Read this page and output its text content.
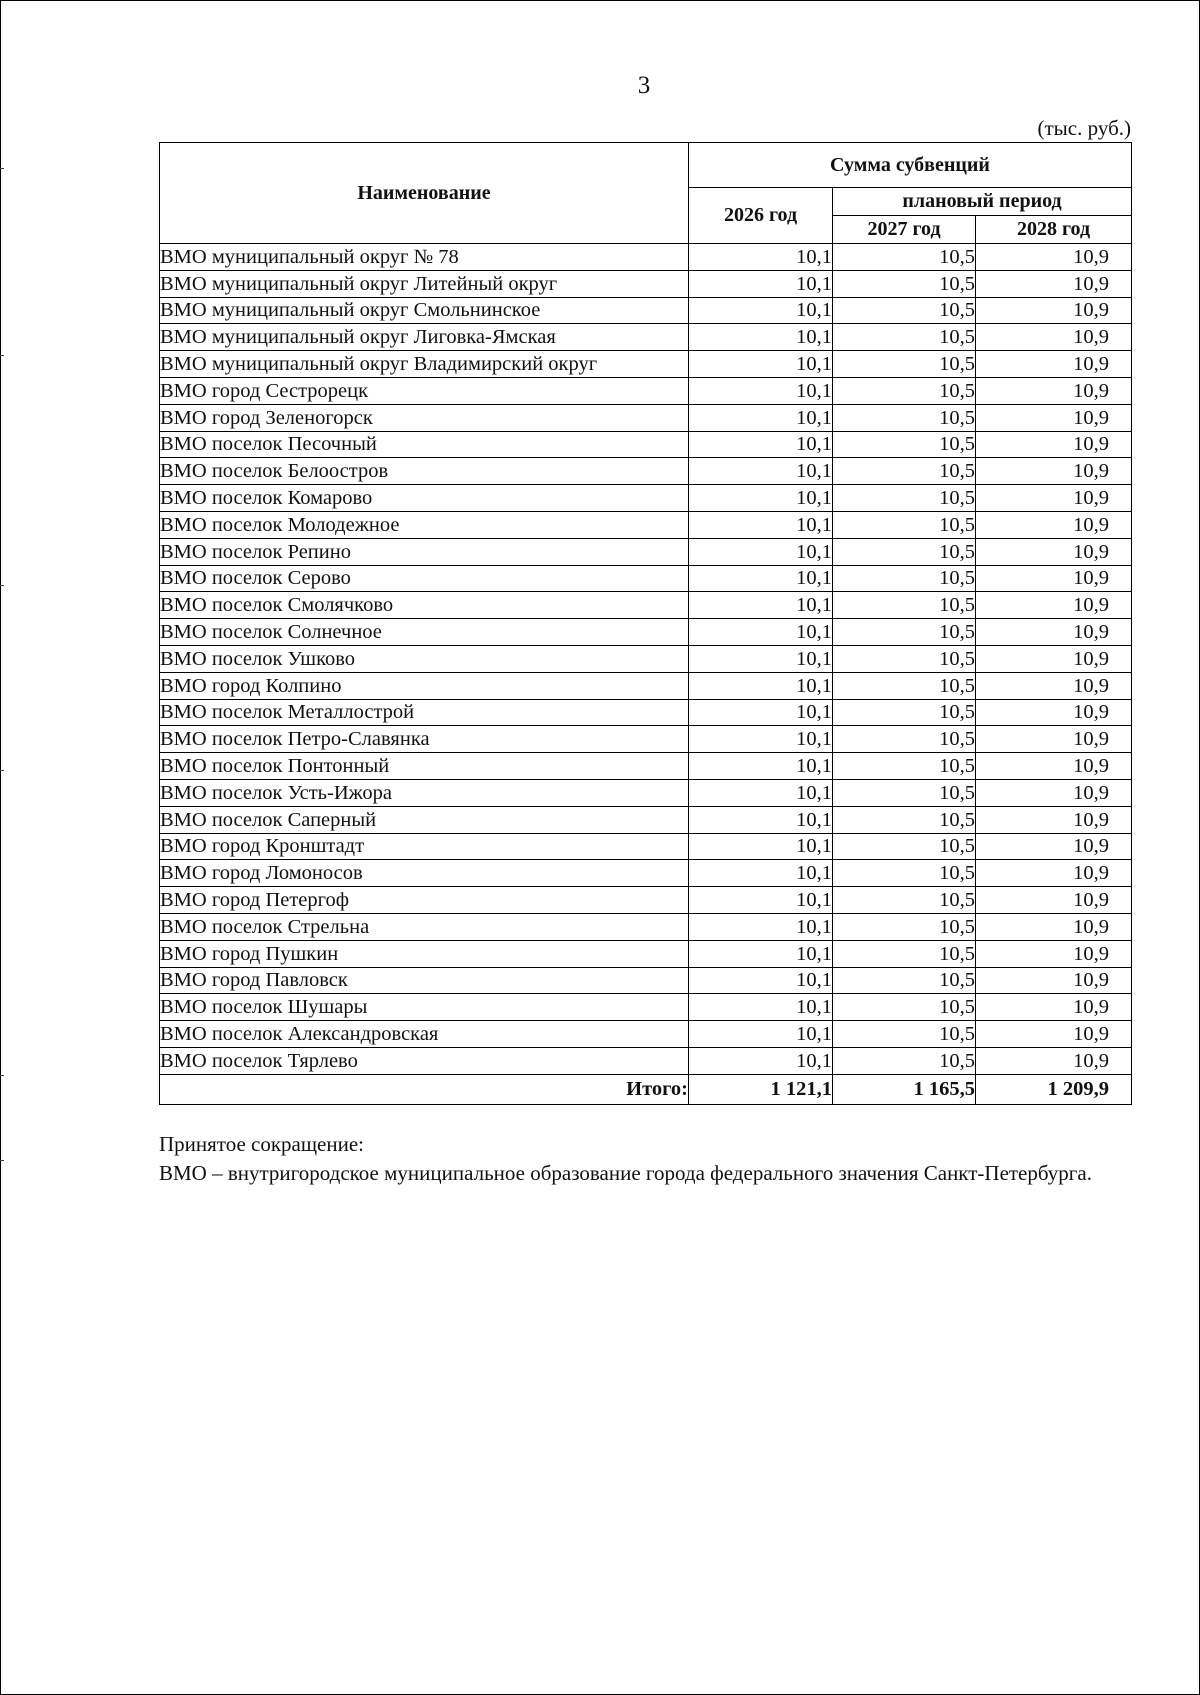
3
(тыс. руб.)
Наименование	Сумма субвенций		
	2026 год	плановый период	
		2027 год	2028 год
ВМО муниципальный округ № 78	10,1	10,5	10,9
ВМО муниципальный округ Литейный округ	10,1	10,5	10,9
ВМО муниципальный округ Смольнинское	10,1	10,5	10,9
ВМО муниципальный округ Лиговка-Ямская	10,1	10,5	10,9
ВМО муниципальный округ Владимирский округ	10,1	10,5	10,9
ВМО город Сестрорецк	10,1	10,5	10,9
ВМО город Зеленогорск	10,1	10,5	10,9
ВМО поселок Песочный	10,1	10,5	10,9
ВМО поселок Белоостров	10,1	10,5	10,9
ВМО поселок Комарово	10,1	10,5	10,9
ВМО поселок Молодежное	10,1	10,5	10,9
ВМО поселок Репино	10,1	10,5	10,9
ВМО поселок Серово	10,1	10,5	10,9
ВМО поселок Смолячково	10,1	10,5	10,9
ВМО поселок Солнечное	10,1	10,5	10,9
ВМО поселок Ушково	10,1	10,5	10,9
ВМО город Колпино	10,1	10,5	10,9
ВМО поселок Металлострой	10,1	10,5	10,9
ВМО поселок Петро-Славянка	10,1	10,5	10,9
ВМО поселок Понтонный	10,1	10,5	10,9
ВМО поселок Усть-Ижора	10,1	10,5	10,9
ВМО поселок Саперный	10,1	10,5	10,9
ВМО город Кронштадт	10,1	10,5	10,9
ВМО город Ломоносов	10,1	10,5	10,9
ВМО город Петергоф	10,1	10,5	10,9
ВМО поселок Стрельна	10,1	10,5	10,9
ВМО город Пушкин	10,1	10,5	10,9
ВМО город Павловск	10,1	10,5	10,9
ВМО поселок Шушары	10,1	10,5	10,9
ВМО поселок Александровская	10,1	10,5	10,9
ВМО поселок Тярлево	10,1	10,5	10,9
Итого:	1 121,1	1 165,5	1 209,9
Принятое сокращение:
ВМО – внутригородское муниципальное образование города федерального значения Санкт-Петербурга.
